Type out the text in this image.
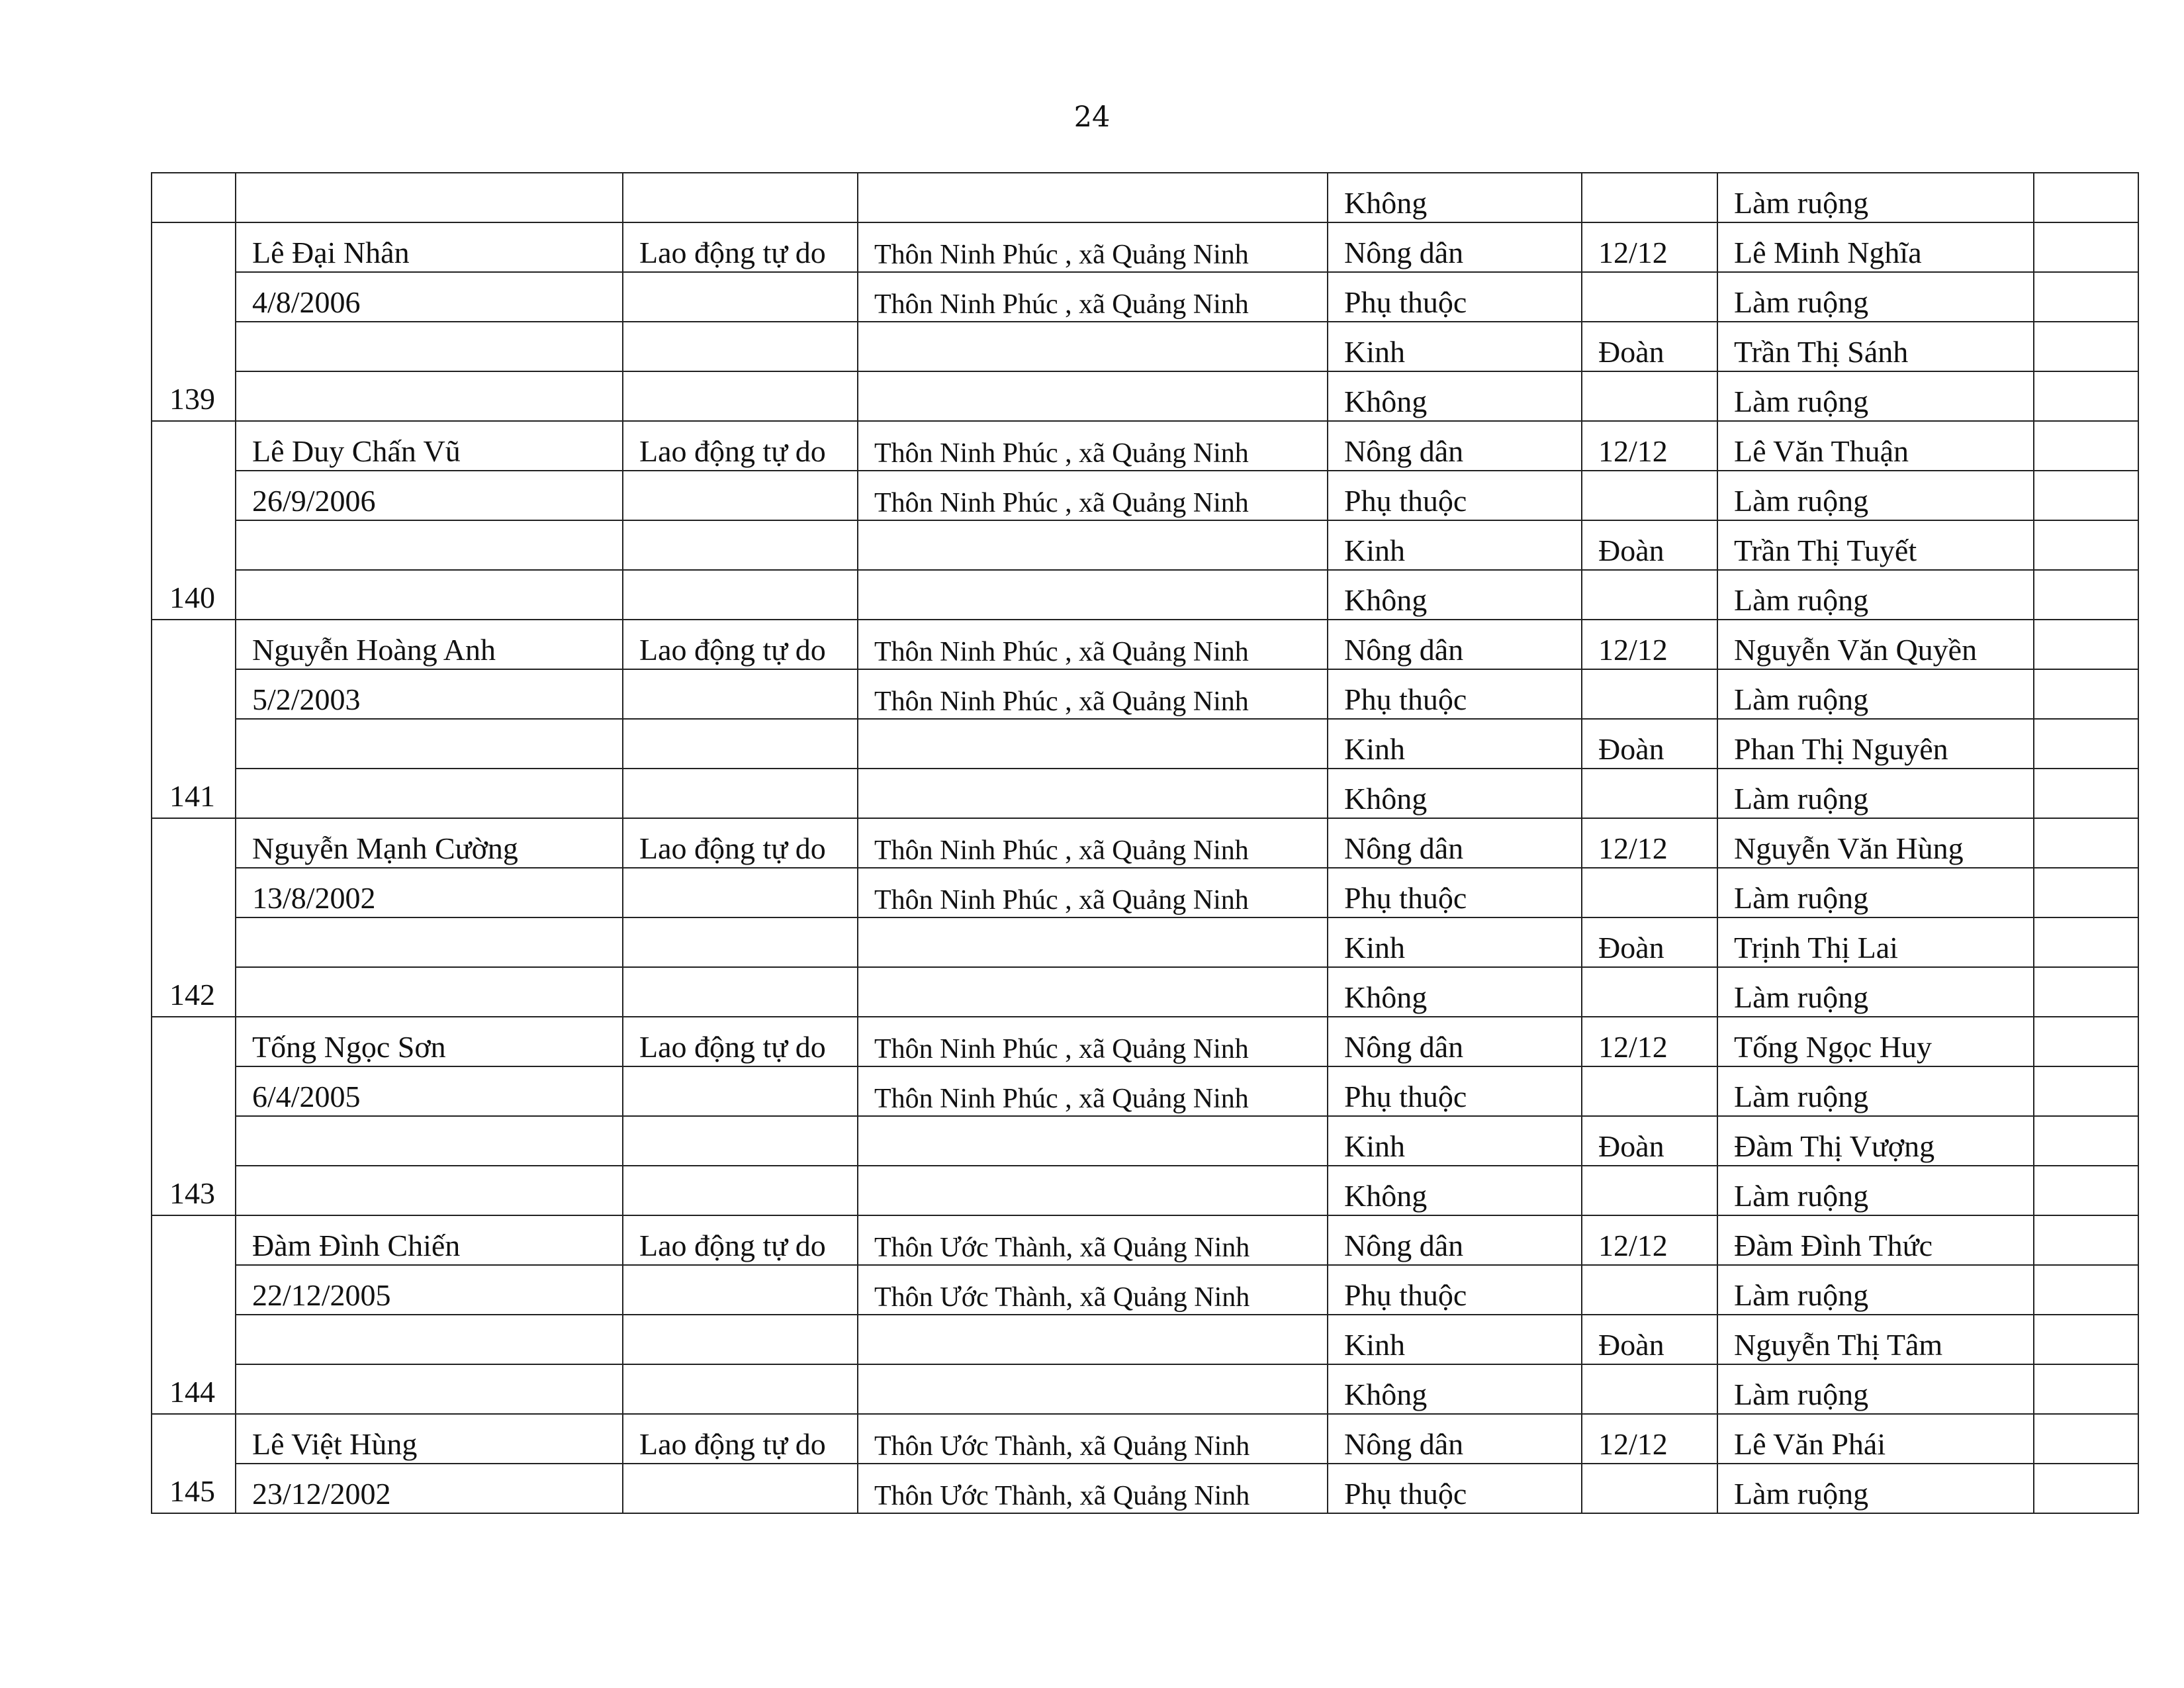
24
				Không		Làm ruộng	
139	Lê Đại Nhân	Lao động tự do	Thôn Ninh Phúc , xã Quảng Ninh	Nông dân	12/12	Lê Minh Nghĩa	
	4/8/2006		Thôn Ninh Phúc , xã Quảng Ninh	Phụ thuộc		Làm ruộng	
				Kinh	Đoàn	Trần Thị Sánh	
				Không		Làm ruộng	
140	Lê Duy Chấn Vũ	Lao động tự do	Thôn Ninh Phúc , xã Quảng Ninh	Nông dân	12/12	Lê Văn Thuận	
	26/9/2006		Thôn Ninh Phúc , xã Quảng Ninh	Phụ thuộc		Làm ruộng	
				Kinh	Đoàn	Trần Thị Tuyết	
				Không		Làm ruộng	
141	Nguyễn Hoàng Anh	Lao động tự do	Thôn Ninh Phúc , xã Quảng Ninh	Nông dân	12/12	Nguyễn Văn Quyền	
	5/2/2003		Thôn Ninh Phúc , xã Quảng Ninh	Phụ thuộc		Làm ruộng	
				Kinh	Đoàn	Phan Thị Nguyên	
				Không		Làm ruộng	
142	Nguyễn Mạnh Cường	Lao động tự do	Thôn Ninh Phúc , xã Quảng Ninh	Nông dân	12/12	Nguyễn Văn Hùng	
	13/8/2002		Thôn Ninh Phúc , xã Quảng Ninh	Phụ thuộc		Làm ruộng	
				Kinh	Đoàn	Trịnh Thị Lai	
				Không		Làm ruộng	
143	Tống Ngọc Sơn	Lao động tự do	Thôn Ninh Phúc , xã Quảng Ninh	Nông dân	12/12	Tống Ngọc Huy	
	6/4/2005		Thôn Ninh Phúc , xã Quảng Ninh	Phụ thuộc		Làm ruộng	
				Kinh	Đoàn	Đàm Thị Vượng	
				Không		Làm ruộng	
144	Đàm Đình Chiến	Lao động tự do	Thôn Ước Thành, xã Quảng Ninh	Nông dân	12/12	Đàm Đình Thức	
	22/12/2005		Thôn Ước Thành, xã Quảng Ninh	Phụ thuộc		Làm ruộng	
				Kinh	Đoàn	Nguyễn Thị Tâm	
				Không		Làm ruộng	
145	Lê Việt Hùng	Lao động tự do	Thôn Ước Thành, xã Quảng Ninh	Nông dân	12/12	Lê Văn Phái	
	23/12/2002		Thôn Ước Thành, xã Quảng Ninh	Phụ thuộc		Làm ruộng	
